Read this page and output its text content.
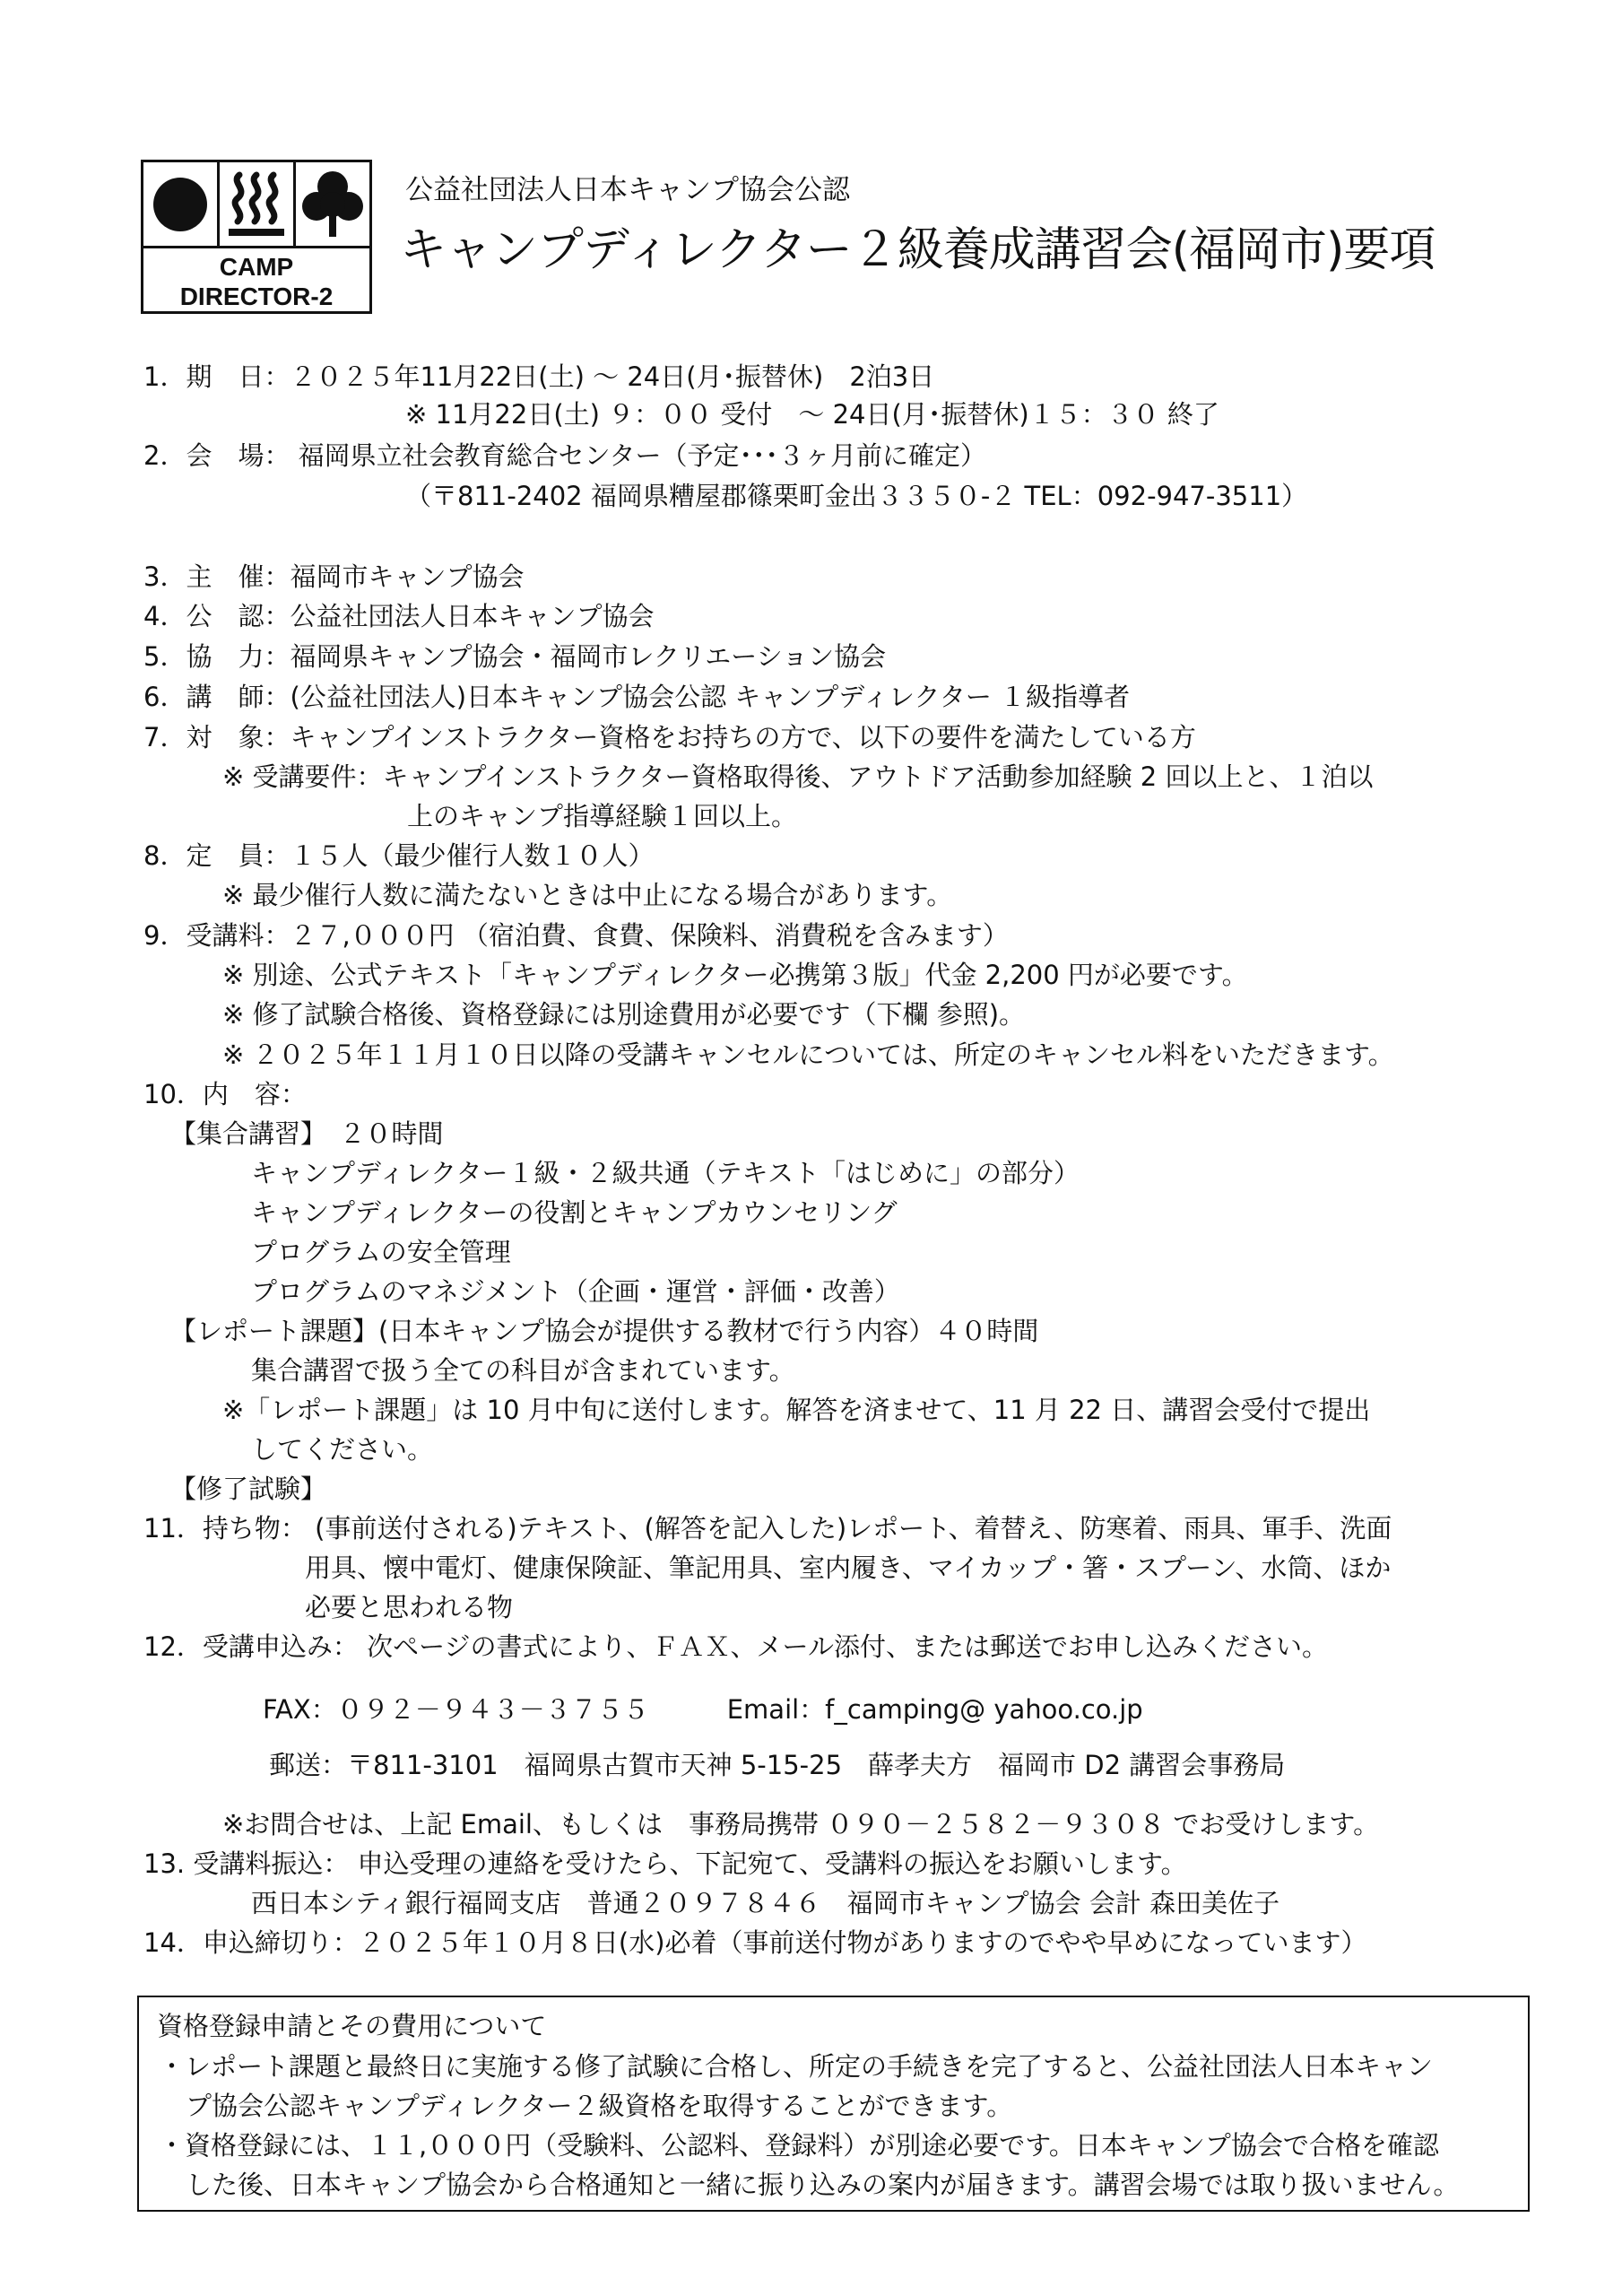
CAMP
DIRECTOR-2
公益社団法人日本キャンプ協会公認
キャンプディレクター２級養成講習会(福岡市)要項
1．期　日：２０２５年11月22日(土) ～ 24日(月･振替休)　2泊3日
※ 11月22日(土) ９：００ 受付　～ 24日(月･振替休)１５：３０ 終了
2．会　場： 福岡県立社会教育総合センター（予定･･･３ヶ月前に確定）
（〒811-2402 福岡県糟屋郡篠栗町金出３３５０-２ TEL：092-947-3511）
3．主　催：福岡市キャンプ協会
4．公　認：公益社団法人日本キャンプ協会
5．協　力：福岡県キャンプ協会・福岡市レクリエーション協会
6．講　師：(公益社団法人)日本キャンプ協会公認 キャンプディレクター １級指導者
7．対　象：キャンプインストラクター資格をお持ちの方で、以下の要件を満たしている方
※ 受講要件：キャンプインストラクター資格取得後、アウトドア活動参加経験 2 回以上と、１泊以
上のキャンプ指導経験１回以上。
8．定　員：１５人（最少催行人数１０人）
※ 最少催行人数に満たないときは中止になる場合があります。
9．受講料：２７,０００円 （宿泊費、食費、保険料、消費税を含みます）
※ 別途、公式テキスト「キャンプディレクター必携第３版」代金 2,200 円が必要です。
※ 修了試験合格後、資格登録には別途費用が必要です（下欄 参照)。
※ ２０２５年１１月１０日以降の受講キャンセルについては、所定のキャンセル料をいただきます。
10．内　容：
【集合講習】　２０時間
キャンプディレクター１級・２級共通（テキスト「はじめに」の部分）
キャンプディレクターの役割とキャンプカウンセリング
プログラムの安全管理
プログラムのマネジメント（企画・運営・評価・改善）
【レポート課題】(日本キャンプ協会が提供する教材で行う内容）４０時間
集合講習で扱う全ての科目が含まれています。
※「レポート課題」は 10 月中旬に送付します。解答を済ませて、11 月 22 日、講習会受付で提出
してください。
【修了試験】
11．持ち物： (事前送付される)テキスト、(解答を記入した)レポート、着替え、防寒着、雨具、軍手、洗面
用具、懐中電灯、健康保険証、筆記用具、室内履き、マイカップ・箸・スプーン、水筒、ほか
必要と思われる物
12．受講申込み： 次ページの書式により、ＦＡＸ、メール添付、または郵送でお申し込みください。
FAX：０９２－９４３－３７５５　　　Email：f_camping@ yahoo.co.jp
郵送：〒811-3101　福岡県古賀市天神 5-15-25　薛孝夫方　福岡市 D2 講習会事務局
※お問合せは、上記 Email、もしくは　事務局携帯 ０９０－２５８２－９３０８ でお受けします。
13. 受講料振込： 申込受理の連絡を受けたら、下記宛て、受講料の振込をお願いします。
西日本シティ銀行福岡支店　普通２０９７８４６　福岡市キャンプ協会 会計 森田美佐子
14．申込締切り：２０２５年１０月８日(水)必着（事前送付物がありますのでやや早めになっています）
資格登録申請とその費用について
・レポート課題と最終日に実施する修了試験に合格し、所定の手続きを完了すると、公益社団法人日本キャン
プ協会公認キャンプディレクター２級資格を取得することができます。
・資格登録には、１１,０００円（受験料、公認料、登録料）が別途必要です。日本キャンプ協会で合格を確認
した後、日本キャンプ協会から合格通知と一緒に振り込みの案内が届きます。講習会場では取り扱いません。
